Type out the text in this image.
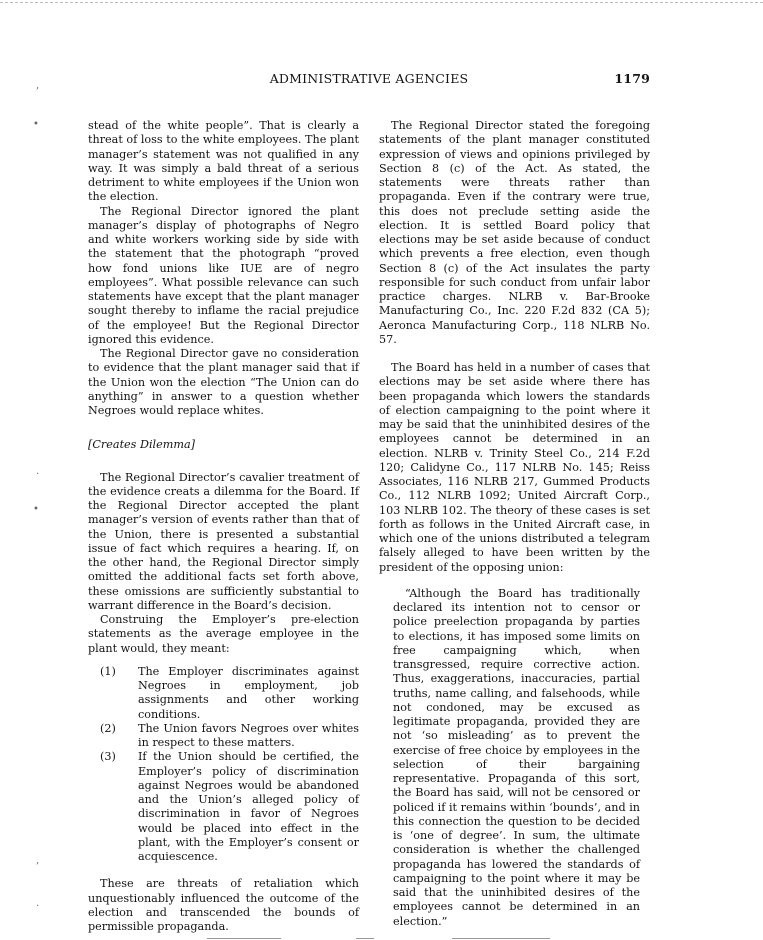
ADMINISTRATIVE AGENCIES	1179

stead of the white people”. That is clearly a threat of loss to the white employees. The plant manager’s statement was not qualified in any way. It was simply a bald threat of a serious detriment to white employees if the Union won the election.

The Regional Director ignored the plant manager’s display of photographs of Negro and white workers working side by side with the statement that the photograph “proved how fond unions like IUE are of negro employees”. What possible relevance can such statements have except that the plant manager sought thereby to inflame the racial prejudice of the employee! But the Regional Director ignored this evidence.

The Regional Director gave no consideration to evidence that the plant manager said that if the Union won the election “The Union can do anything” in answer to a question whether Negroes would replace whites.

[Creates Dilemma]

The Regional Director’s cavalier treatment of the evidence creats a dilemma for the Board. If the Regional Director accepted the plant manager’s version of events rather than that of the Union, there is presented a substantial issue of fact which requires a hearing. If, on the other hand, the Regional Director simply omitted the additional facts set forth above, these omissions are sufficiently substantial to warrant difference in the Board’s decision.

Construing the Employer’s pre-election statements as the average employee in the plant would, they meant:

(1) The Employer discriminates against Negroes in employment, job assignments and other working conditions.
(2) The Union favors Negroes over whites in respect to these matters.
(3) If the Union should be certified, the Employer’s policy of discrimination against Negroes would be abandoned and the Union’s alleged policy of discrimination in favor of Negroes would be placed into effect in the plant, with the Employer’s consent or acquiescence.

These are threats of retaliation which unquestionably influenced the outcome of the election and transcended the bounds of permissible propaganda.

The Regional Director stated the foregoing statements of the plant manager constituted expression of views and opinions privileged by Section 8 (c) of the Act. As stated, the statements were threats rather than propaganda. Even if the contrary were true, this does not preclude setting aside the election. It is settled Board policy that elections may be set aside because of conduct which prevents a free election, even though Section 8 (c) of the Act insulates the party responsible for such conduct from unfair labor practice charges. NLRB v. Bar-Brooke Manufacturing Co., Inc. 220 F.2d 832 (CA 5); Aeronca Manufacturing Corp., 118 NLRB No. 57.

The Board has held in a number of cases that elections may be set aside where there has been propaganda which lowers the standards of election campaigning to the point where it may be said that the uninhibited desires of the employees cannot be determined in an election. NLRB v. Trinity Steel Co., 214 F.2d 120; Calidyne Co., 117 NLRB No. 145; Reiss Associates, 116 NLRB 217, Gummed Products Co., 112 NLRB 1092; United Aircraft Corp., 103 NLRB 102. The theory of these cases is set forth as follows in the United Aircraft case, in which one of the unions distributed a telegram falsely alleged to have been written by the president of the opposing union:

“Although the Board has traditionally declared its intention not to censor or police preelection propaganda by parties to elections, it has imposed some limits on free campaigning which, when transgressed, require corrective action. Thus, exaggerations, inaccuracies, partial truths, name calling, and falsehoods, while not condoned, may be excused as legitimate propaganda, provided they are not ‘so misleading’ as to prevent the exercise of free choice by employees in the selection of their bargaining representative. Propaganda of this sort, the Board has said, will not be censored or policed if it remains within ‘bounds’, and in this connection the question to be decided is ‘one of degree’. In sum, the ultimate consideration is whether the challenged propaganda has lowered the standards of campaigning to the point where it may be said that the uninhibited desires of the employees cannot be determined in an election.”
,
•
.
•
,
.
